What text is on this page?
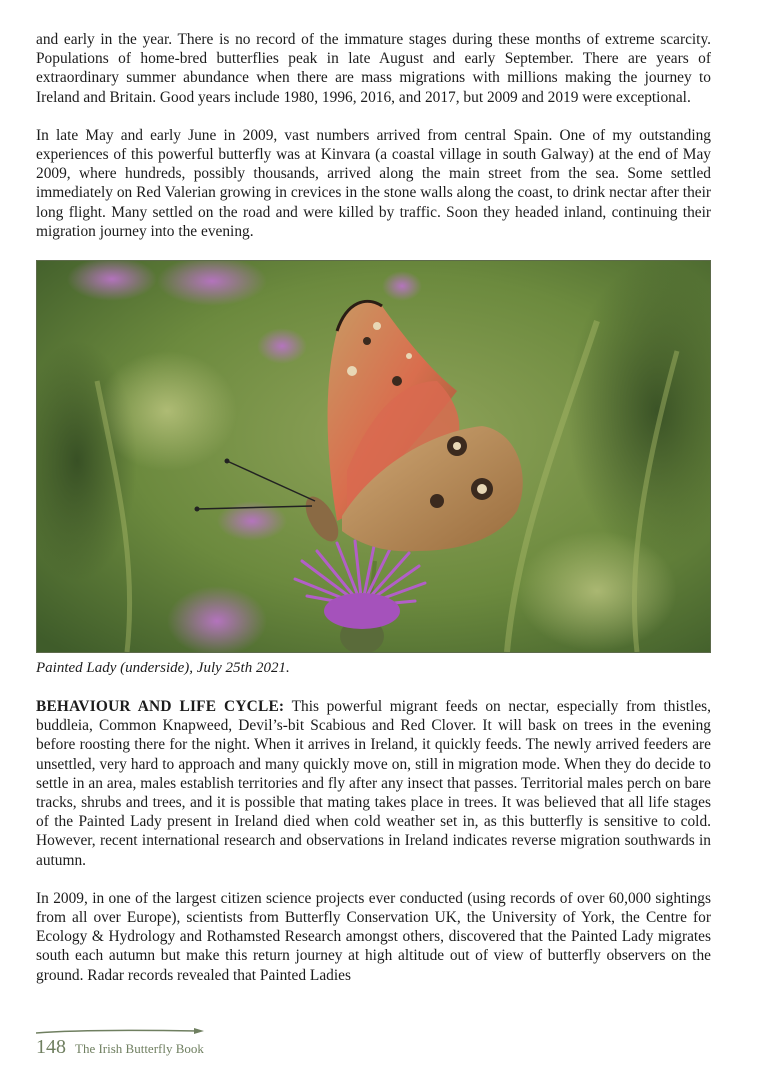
and early in the year. There is no record of the immature stages during these months of extreme scarcity. Populations of home-bred butterflies peak in late August and early September. There are years of extraordinary summer abundance when there are mass migrations with millions making the journey to Ireland and Britain. Good years include 1980, 1996, 2016, and 2017, but 2009 and 2019 were exceptional.

In late May and early June in 2009, vast numbers arrived from central Spain. One of my outstanding experiences of this powerful butterfly was at Kinvara (a coastal village in south Galway) at the end of May 2009, where hundreds, possibly thousands, arrived along the main street from the sea. Some settled immediately on Red Valerian growing in crevices in the stone walls along the coast, to drink nectar after their long flight. Many settled on the road and were killed by traffic. Soon they headed inland, continuing their migration journey into the evening.

Painted Lady (underside), July 25th 2021.

BEHAVIOUR AND LIFE CYCLE: This powerful migrant feeds on nectar, especially from thistles, buddleia, Common Knapweed, Devil’s-bit Scabious and Red Clover. It will bask on trees in the evening before roosting there for the night. When it arrives in Ireland, it quickly feeds. The newly arrived feeders are unsettled, very hard to approach and many quickly move on, still in migration mode. When they do decide to settle in an area, males establish territories and fly after any insect that passes. Territorial males perch on bare tracks, shrubs and trees, and it is possible that mating takes place in trees. It was believed that all life stages of the Painted Lady present in Ireland died when cold weather set in, as this butterfly is sensitive to cold. However, recent international research and observations in Ireland indicates reverse migration southwards in autumn.

In 2009, in one of the largest citizen science projects ever conducted (using records of over 60,000 sightings from all over Europe), scientists from Butterfly Conservation UK, the University of York, the Centre for Ecology & Hydrology and Rothamsted Research amongst others, discovered that the Painted Lady migrates south each autumn but make this return journey at high altitude out of view of butterfly observers on the ground. Radar records revealed that Painted Ladies

148 The Irish Butterfly Book
